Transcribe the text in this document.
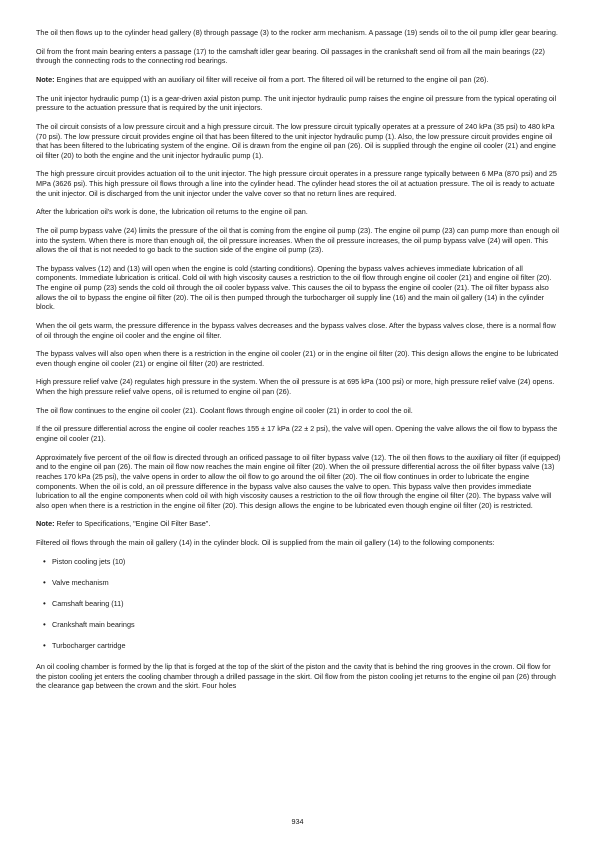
The oil then flows up to the cylinder head gallery (8) through passage (3) to the rocker arm mechanism. A passage (19) sends oil to the oil pump idler gear bearing.

Oil from the front main bearing enters a passage (17) to the camshaft idler gear bearing. Oil passages in the crankshaft send oil from all the main bearings (22) through the connecting rods to the connecting rod bearings.

Note: Engines that are equipped with an auxiliary oil filter will receive oil from a port. The filtered oil will be returned to the engine oil pan (26).

The unit injector hydraulic pump (1) is a gear-driven axial piston pump. The unit injector hydraulic pump raises the engine oil pressure from the typical operating oil pressure to the actuation pressure that is required by the unit injectors.

The oil circuit consists of a low pressure circuit and a high pressure circuit. The low pressure circuit typically operates at a pressure of 240 kPa (35 psi) to 480 kPa (70 psi). The low pressure circuit provides engine oil that has been filtered to the unit injector hydraulic pump (1). Also, the low pressure circuit provides engine oil that has been filtered to the lubricating system of the engine. Oil is drawn from the engine oil pan (26). Oil is supplied through the engine oil cooler (21) and engine oil filter (20) to both the engine and the unit injector hydraulic pump (1).

The high pressure circuit provides actuation oil to the unit injector. The high pressure circuit operates in a pressure range typically between 6 MPa (870 psi) and 25 MPa (3626 psi). This high pressure oil flows through a line into the cylinder head. The cylinder head stores the oil at actuation pressure. The oil is ready to actuate the unit injector. Oil is discharged from the unit injector under the valve cover so that no return lines are required.

After the lubrication oil's work is done, the lubrication oil returns to the engine oil pan.

The oil pump bypass valve (24) limits the pressure of the oil that is coming from the engine oil pump (23). The engine oil pump (23) can pump more than enough oil into the system. When there is more than enough oil, the oil pressure increases. When the oil pressure increases, the oil pump bypass valve (24) will open. This allows the oil that is not needed to go back to the suction side of the engine oil pump (23).

The bypass valves (12) and (13) will open when the engine is cold (starting conditions). Opening the bypass valves achieves immediate lubrication of all components. Immediate lubrication is critical. Cold oil with high viscosity causes a restriction to the oil flow through engine oil cooler (21) and engine oil filter (20). The engine oil pump (23) sends the cold oil through the oil cooler bypass valve. This causes the oil to bypass the engine oil cooler (21). The oil filter bypass also allows the oil to bypass the engine oil filter (20). The oil is then pumped through the turbocharger oil supply line (16) and the main oil gallery (14) in the cylinder block.

When the oil gets warm, the pressure difference in the bypass valves decreases and the bypass valves close. After the bypass valves close, there is a normal flow of oil through the engine oil cooler and the engine oil filter.

The bypass valves will also open when there is a restriction in the engine oil cooler (21) or in the engine oil filter (20). This design allows the engine to be lubricated even though engine oil cooler (21) or engine oil filter (20) are restricted.

High pressure relief valve (24) regulates high pressure in the system. When the oil pressure is at 695 kPa (100 psi) or more, high pressure relief valve (24) opens. When the high pressure relief valve opens, oil is returned to engine oil pan (26).

The oil flow continues to the engine oil cooler (21). Coolant flows through engine oil cooler (21) in order to cool the oil.

If the oil pressure differential across the engine oil cooler reaches 155 ± 17 kPa (22 ± 2 psi), the valve will open. Opening the valve allows the oil flow to bypass the engine oil cooler (21).

Approximately five percent of the oil flow is directed through an orificed passage to oil filter bypass valve (12). The oil then flows to the auxiliary oil filter (if equipped) and to the engine oil pan (26). The main oil flow now reaches the main engine oil filter (20). When the oil pressure differential across the oil filter bypass valve (13) reaches 170 kPa (25 psi), the valve opens in order to allow the oil flow to go around the oil filter (20). The oil flow continues in order to lubricate the engine components. When the oil is cold, an oil pressure difference in the bypass valve also causes the valve to open. This bypass valve then provides immediate lubrication to all the engine components when cold oil with high viscosity causes a restriction to the oil flow through the engine oil filter (20). The bypass valve will also open when there is a restriction in the engine oil filter (20). This design allows the engine to be lubricated even though engine oil filter (20) is restricted.

Note: Refer to Specifications, "Engine Oil Filter Base".

Filtered oil flows through the main oil gallery (14) in the cylinder block. Oil is supplied from the main oil gallery (14) to the following components:

• Piston cooling jets (10)
• Valve mechanism
• Camshaft bearing (11)
• Crankshaft main bearings
• Turbocharger cartridge

An oil cooling chamber is formed by the lip that is forged at the top of the skirt of the piston and the cavity that is behind the ring grooves in the crown. Oil flow for the piston cooling jet enters the cooling chamber through a drilled passage in the skirt. Oil flow from the piston cooling jet returns to the engine oil pan (26) through the clearance gap between the crown and the skirt. Four holes

934
